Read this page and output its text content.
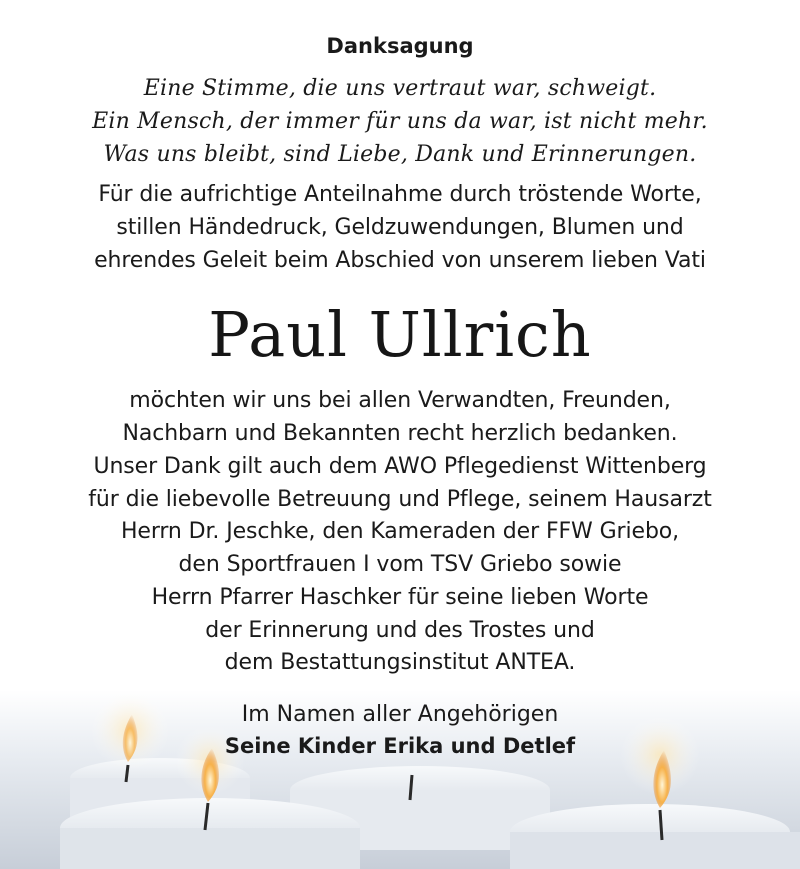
Danksagung
Eine Stimme, die uns vertraut war, schweigt.
Ein Mensch, der immer für uns da war, ist nicht mehr.
Was uns bleibt, sind Liebe, Dank und Erinnerungen.
Für die aufrichtige Anteilnahme durch tröstende Worte,
stillen Händedruck, Geldzuwendungen, Blumen und
ehrendes Geleit beim Abschied von unserem lieben Vati
Paul Ullrich
möchten wir uns bei allen Verwandten, Freunden,
Nachbarn und Bekannten recht herzlich bedanken.
Unser Dank gilt auch dem AWO Pflegedienst Wittenberg
für die liebevolle Betreuung und Pflege, seinem Hausarzt
Herrn Dr. Jeschke, den Kameraden der FFW Griebo,
den Sportfrauen I vom TSV Griebo sowie
Herrn Pfarrer Haschker für seine lieben Worte
der Erinnerung und des Trostes und
dem Bestattungsinstitut ANTEA.
Im Namen aller Angehörigen
Seine Kinder Erika und Detlef
